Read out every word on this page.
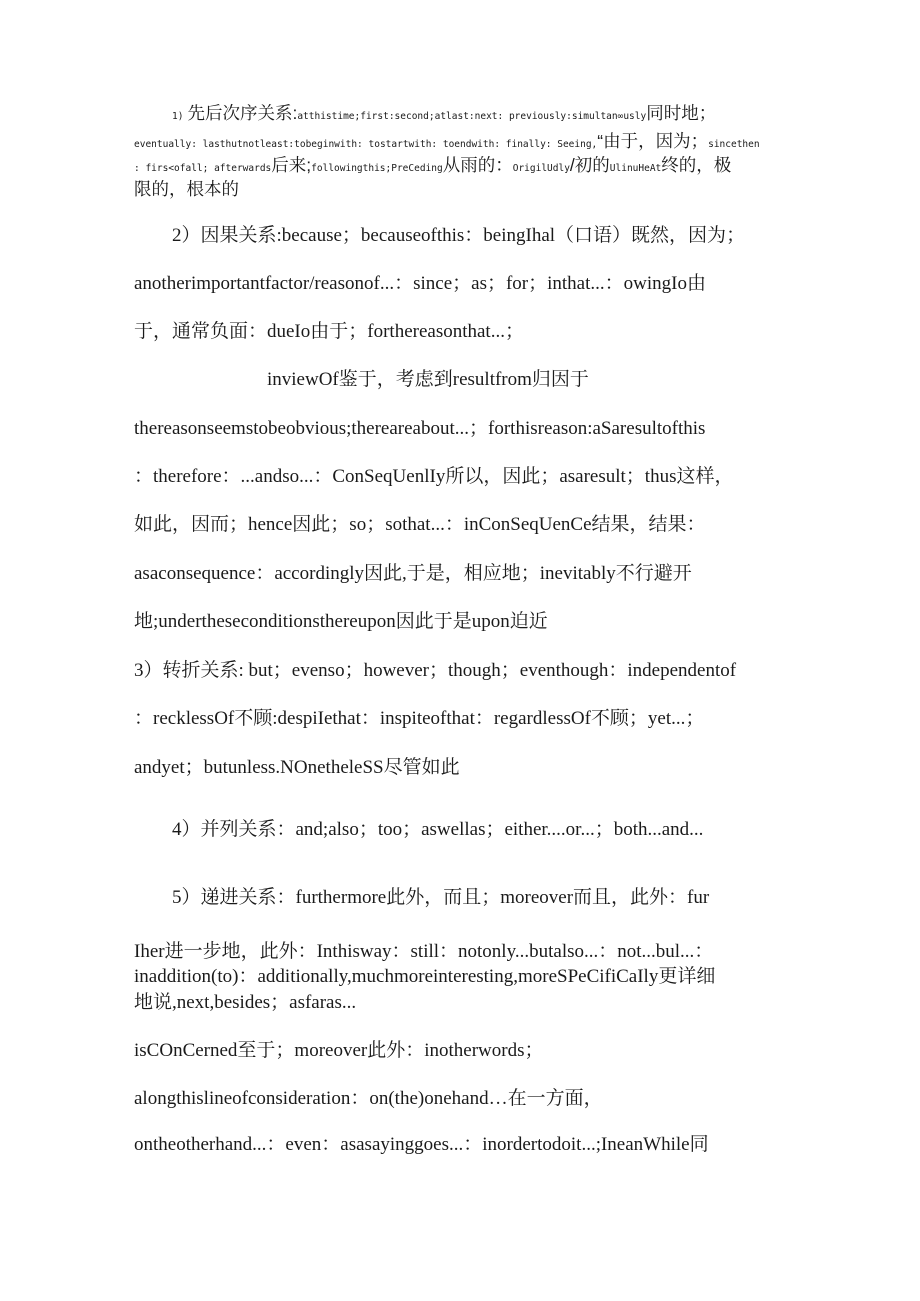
1) 先后次序关系:atthistime;first:second;atlast:next: previously:simultan∞usly同时地；
eventually: lasthutnotleast:tobeginwith: tostartwith: toendwith: finally: Seeing,“由于，因为；sincethen
: firs<ofall; afterwards后来;followingthis;PreCeding从雨的：OrigilUdly/初的UlinuHeAt终的，极
限的，根本的
2）因果关系:because；becauseofthis：beingIhal（口语）既然，因为；
anotherimportantfactor/reasonof...：since；as；for；inthat...：owingIo由
于，通常负面：dueIo由于；forthereasonthat...；
inviewOf鉴于，考虑到resultfrom归因于
thereasonseemstobeobvious;thereareabout...；forthisreason:aSaresultofthis
：therefore：...andso...：ConSeqUenlIy所以，因此；asaresult；thus这样，
如此，因而；hence因此；so；sothat...：inConSeqUenCe结果，结果：
asaconsequence：accordingly因此,于是，相应地；inevitably不行避开
地;undertheseconditionsthereupon因此于是upon迫近
3）转折关系: but；evenso；however；though；eventhough：independentof
：recklessOf不顾:despiIethat：inspiteofthat：regardlessOf不顾；yet...；
andyet；butunless.NOnetheleSS尽管如此
4）并列关系：and;also；too；aswellas；either....or...；both...and...
5）递进关系：furthermore此外，而且；moreover而且，此外：fur
Iher进一步地，此外：Inthisway：still：notonly...butalso...：not...bul...：
inaddition(to)：additionally,muchmoreinteresting,moreSPeCifiCaIly更详细
地说,next,besides；asfaras...
isCOnCerned至于；moreover此外：inotherwords；
alongthislineofconsideration：on(the)onehand…在一方面，
ontheotherhand...：even：asasayinggoes...：inordertodoit...;IneanWhile同
